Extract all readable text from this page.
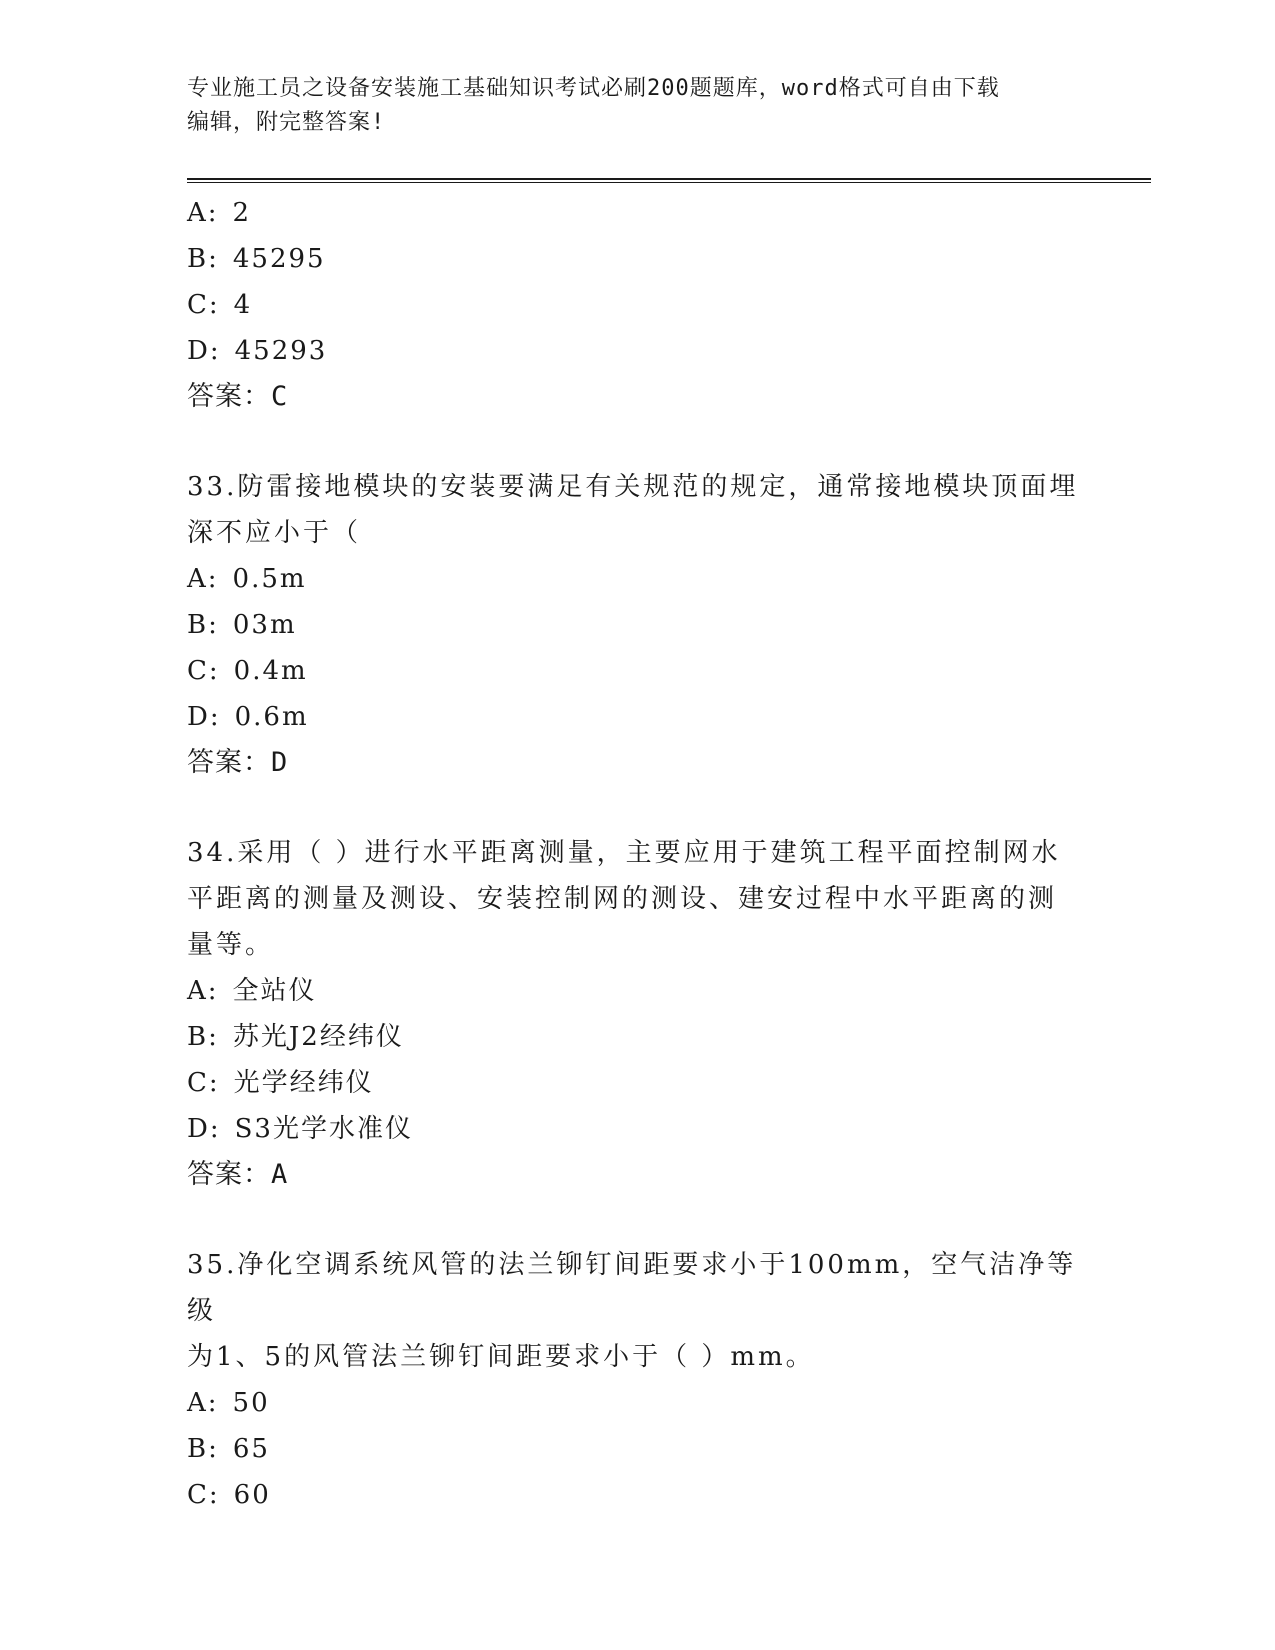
专业施工员之设备安装施工基础知识考试必刷200题题库，word格式可自由下载
编辑，附完整答案!
A: 2
B: 45295
C: 4
D: 45293
答案：C
33.防雷接地模块的安装要满足有关规范的规定，通常接地模块顶面埋
深不应小于（
A: 0.5m
B: 03m
C: 0.4m
D: 0.6m
答案：D
34.采用（ ）进行水平距离测量，主要应用于建筑工程平面控制网水
平距离的测量及测设、安装控制网的测设、建安过程中水平距离的测
量等。
A: 全站仪
B: 苏光J2经纬仪
C: 光学经纬仪
D: S3光学水准仪
答案：A
35.净化空调系统风管的法兰铆钉间距要求小于100mm，空气洁净等级
为1、5的风管法兰铆钉间距要求小于（ ）mm。
A: 50
B: 65
C: 60
